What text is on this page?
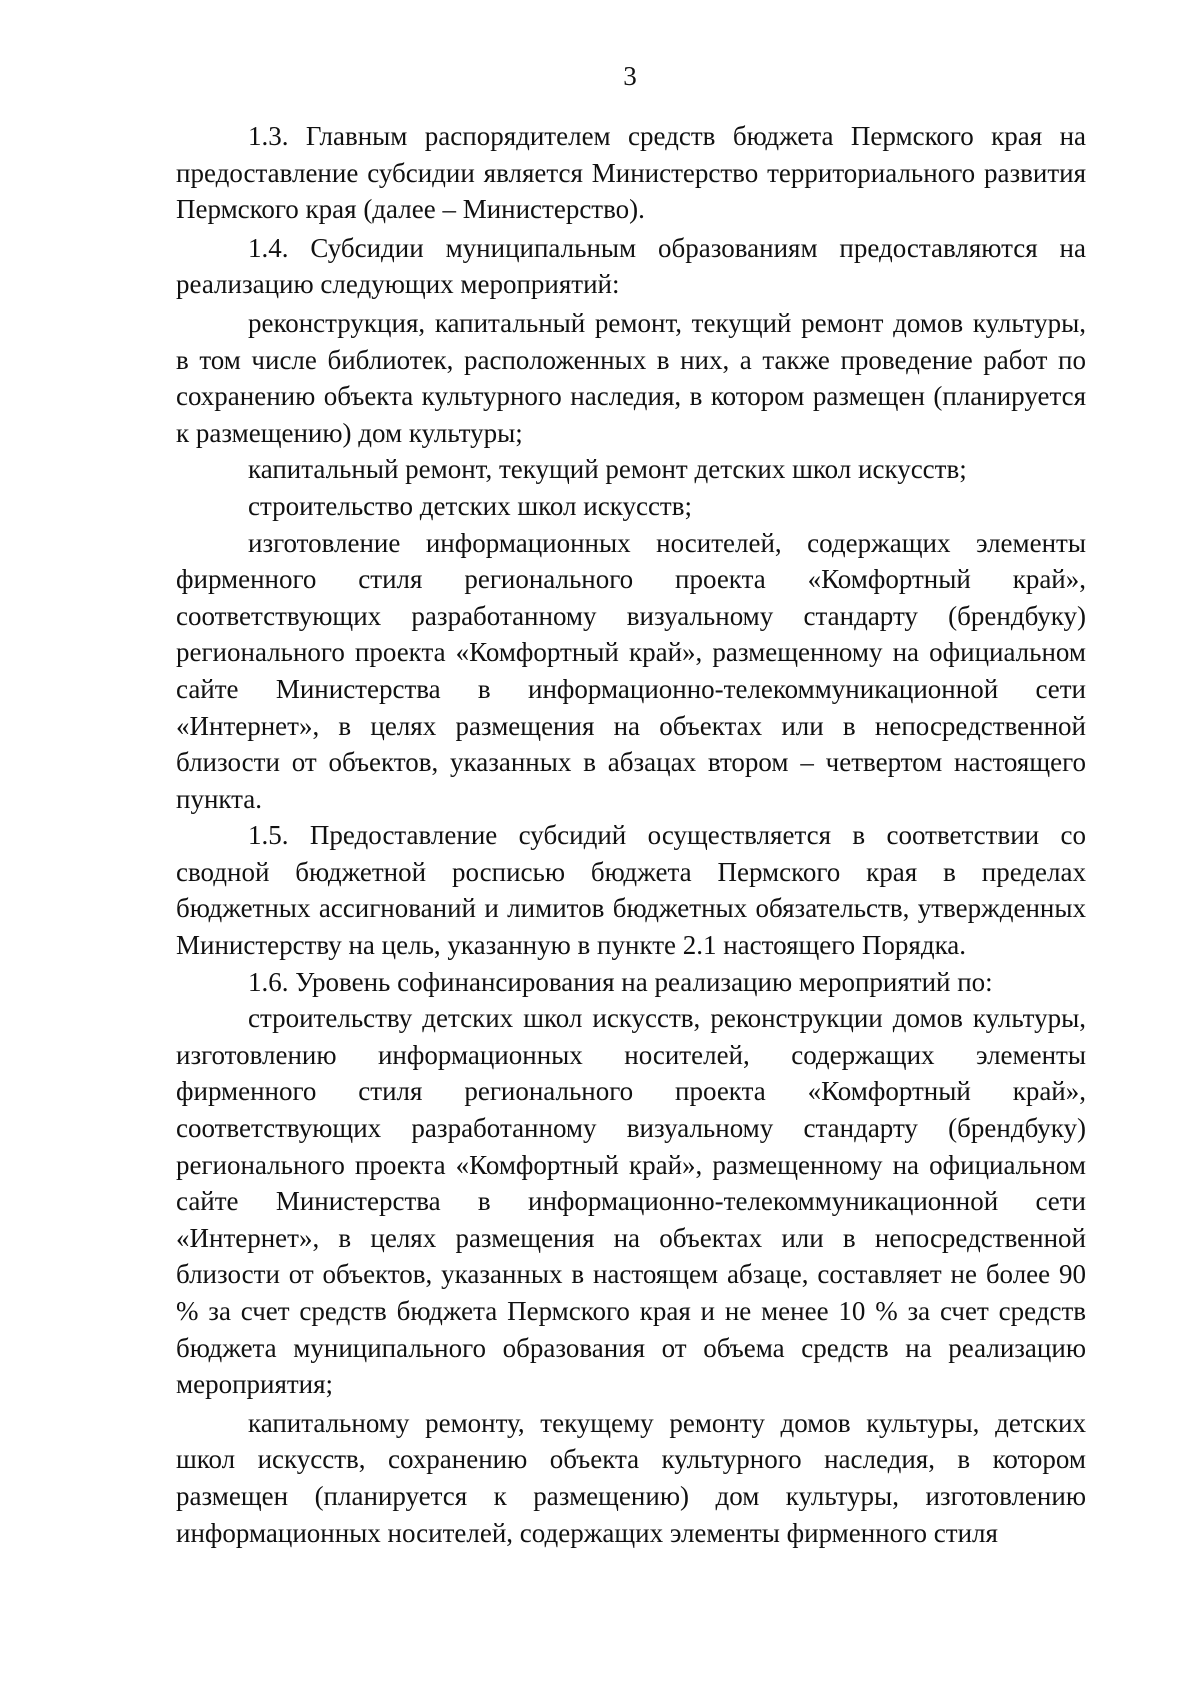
3

1.3. Главным распорядителем средств бюджета Пермского края на предоставление субсидии является Министерство территориального развития Пермского края (далее – Министерство).

1.4. Субсидии муниципальным образованиям предоставляются на реализацию следующих мероприятий:

реконструкция, капитальный ремонт, текущий ремонт домов культуры, в том числе библиотек, расположенных в них, а также проведение работ по сохранению объекта культурного наследия, в котором размещен (планируется к размещению) дом культуры;

капитальный ремонт, текущий ремонт детских школ искусств;

строительство детских школ искусств;

изготовление информационных носителей, содержащих элементы фирменного стиля регионального проекта «Комфортный край», соответствующих разработанному визуальному стандарту (брендбуку) регионального проекта «Комфортный край», размещенному на официальном сайте Министерства в информационно-телекоммуникационной сети «Интернет», в целях размещения на объектах или в непосредственной близости от объектов, указанных в абзацах втором – четвертом настоящего пункта.

1.5. Предоставление субсидий осуществляется в соответствии со сводной бюджетной росписью бюджета Пермского края в пределах бюджетных ассигнований и лимитов бюджетных обязательств, утвержденных Министерству на цель, указанную в пункте 2.1 настоящего Порядка.

1.6. Уровень софинансирования на реализацию мероприятий по:

строительству детских школ искусств, реконструкции домов культуры, изготовлению информационных носителей, содержащих элементы фирменного стиля регионального проекта «Комфортный край», соответствующих разработанному визуальному стандарту (брендбуку) регионального проекта «Комфортный край», размещенному на официальном сайте Министерства в информационно-телекоммуникационной сети «Интернет», в целях размещения на объектах или в непосредственной близости от объектов, указанных в настоящем абзаце, составляет не более 90 % за счет средств бюджета Пермского края и не менее 10 % за счет средств бюджета муниципального образования от объема средств на реализацию мероприятия;

капитальному ремонту, текущему ремонту домов культуры, детских школ искусств, сохранению объекта культурного наследия, в котором размещен (планируется к размещению) дом культуры, изготовлению информационных носителей, содержащих элементы фирменного стиля
